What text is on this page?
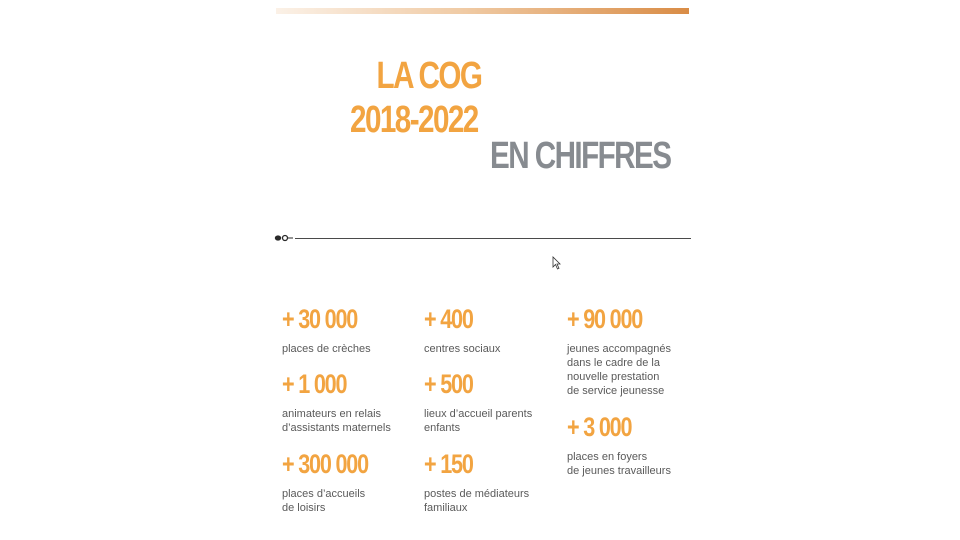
LA COG
2018-2022
EN CHIFFRES
+ 30 000
places de crèches
+ 400
centres sociaux
+ 90 000
jeunes accompagnés
dans le cadre de la
nouvelle prestation
de service jeunesse
+ 1 000
animateurs en relais
d’assistants maternels
+ 500
lieux d’accueil parents
enfants	+ 3 000
places en foyers
de jeunes travailleurs
+ 300 000
places d’accueils
de loisirs
+ 150
postes de médiateurs
familiaux
